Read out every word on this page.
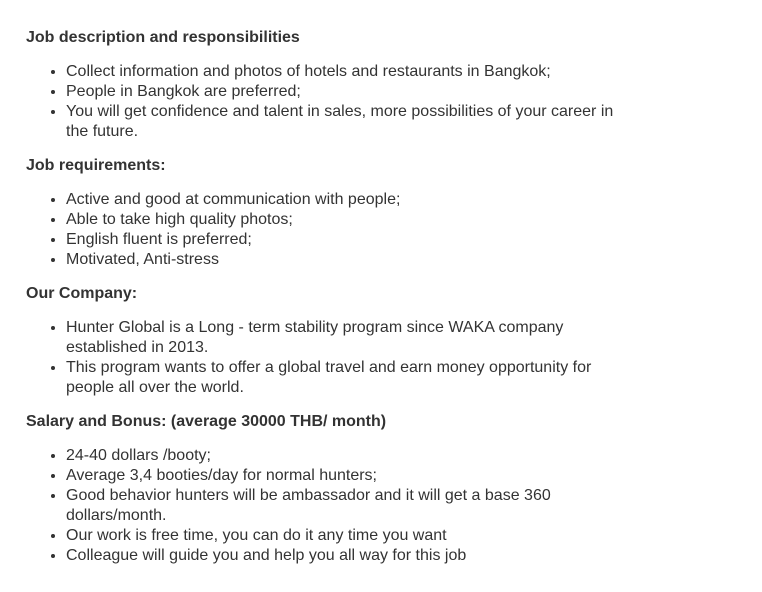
Job description and responsibilities

• Collect information and photos of hotels and restaurants in Bangkok;
• People in Bangkok are preferred;
• You will get confidence and talent in sales, more possibilities of your career in the future.

Job requirements:

• Active and good at communication with people;
• Able to take high quality photos;
• English fluent is preferred;
• Motivated, Anti-stress

Our Company:

• Hunter Global is a Long - term stability program since WAKA company established in 2013.
• This program wants to offer a global travel and earn money opportunity for people all over the world.

Salary and Bonus: (average 30000 THB/ month)

• 24-40 dollars /booty;
• Average 3,4 booties/day for normal hunters;
• Good behavior hunters will be ambassador and it will get a base 360 dollars/month.
• Our work is free time, you can do it any time you want
• Colleague will guide you and help you all way for this job
